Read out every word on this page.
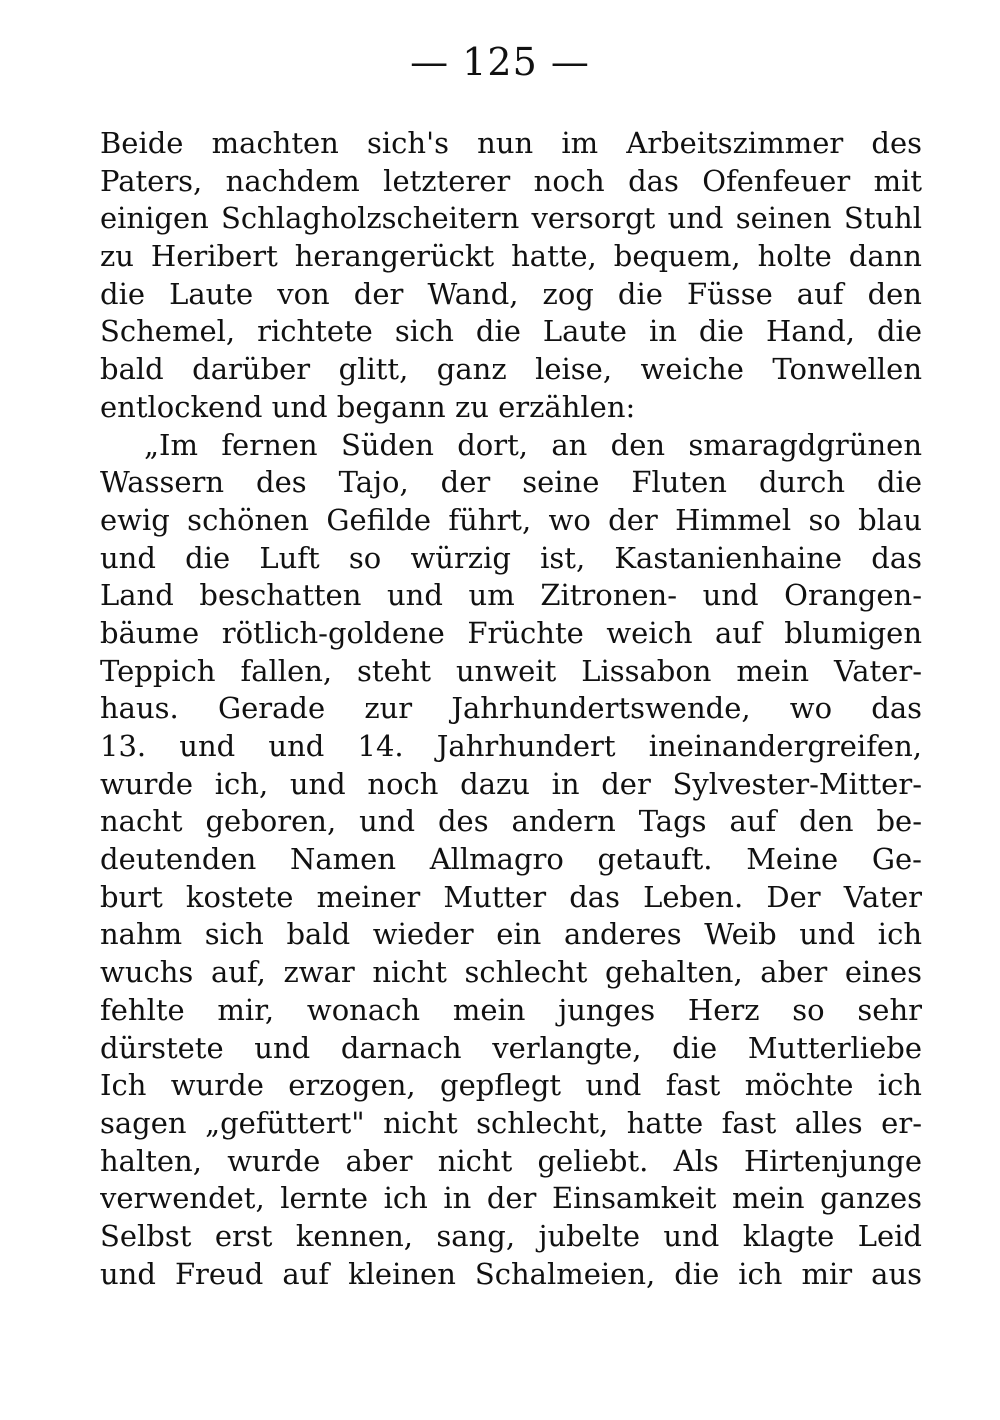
— 125 —
Beide machten sich's nun im Arbeitszimmer des
Paters, nachdem letzterer noch das Ofenfeuer mit
einigen Schlagholzscheitern versorgt und seinen Stuhl
zu Heribert herangerückt hatte, bequem, holte dann
die Laute von der Wand, zog die Füsse auf den
Schemel, richtete sich die Laute in die Hand, die
bald darüber glitt, ganz leise, weiche Tonwellen
entlockend und begann zu erzählen:
„Im fernen Süden dort, an den smaragdgrünen
Wassern des Tajo, der seine Fluten durch die
ewig schönen Gefilde führt, wo der Himmel so blau
und die Luft so würzig ist, Kastanienhaine das
Land beschatten und um Zitronen- und Orangen-
bäume rötlich-goldene Früchte weich auf blumigen
Teppich fallen, steht unweit Lissabon mein Vater-
haus. Gerade zur Jahrhundertswende, wo das
13. und und 14. Jahrhundert ineinandergreifen,
wurde ich, und noch dazu in der Sylvester-Mitter-
nacht geboren, und des andern Tags auf den be-
deutenden Namen Allmagro getauft. Meine Ge-
burt kostete meiner Mutter das Leben. Der Vater
nahm sich bald wieder ein anderes Weib und ich
wuchs auf, zwar nicht schlecht gehalten, aber eines
fehlte mir, wonach mein junges Herz so sehr
dürstete und darnach verlangte, die Mutterliebe
Ich wurde erzogen, gepflegt und fast möchte ich
sagen „gefüttert" nicht schlecht, hatte fast alles er-
halten, wurde aber nicht geliebt. Als Hirtenjunge
verwendet, lernte ich in der Einsamkeit mein ganzes
Selbst erst kennen, sang, jubelte und klagte Leid
und Freud auf kleinen Schalmeien, die ich mir aus
